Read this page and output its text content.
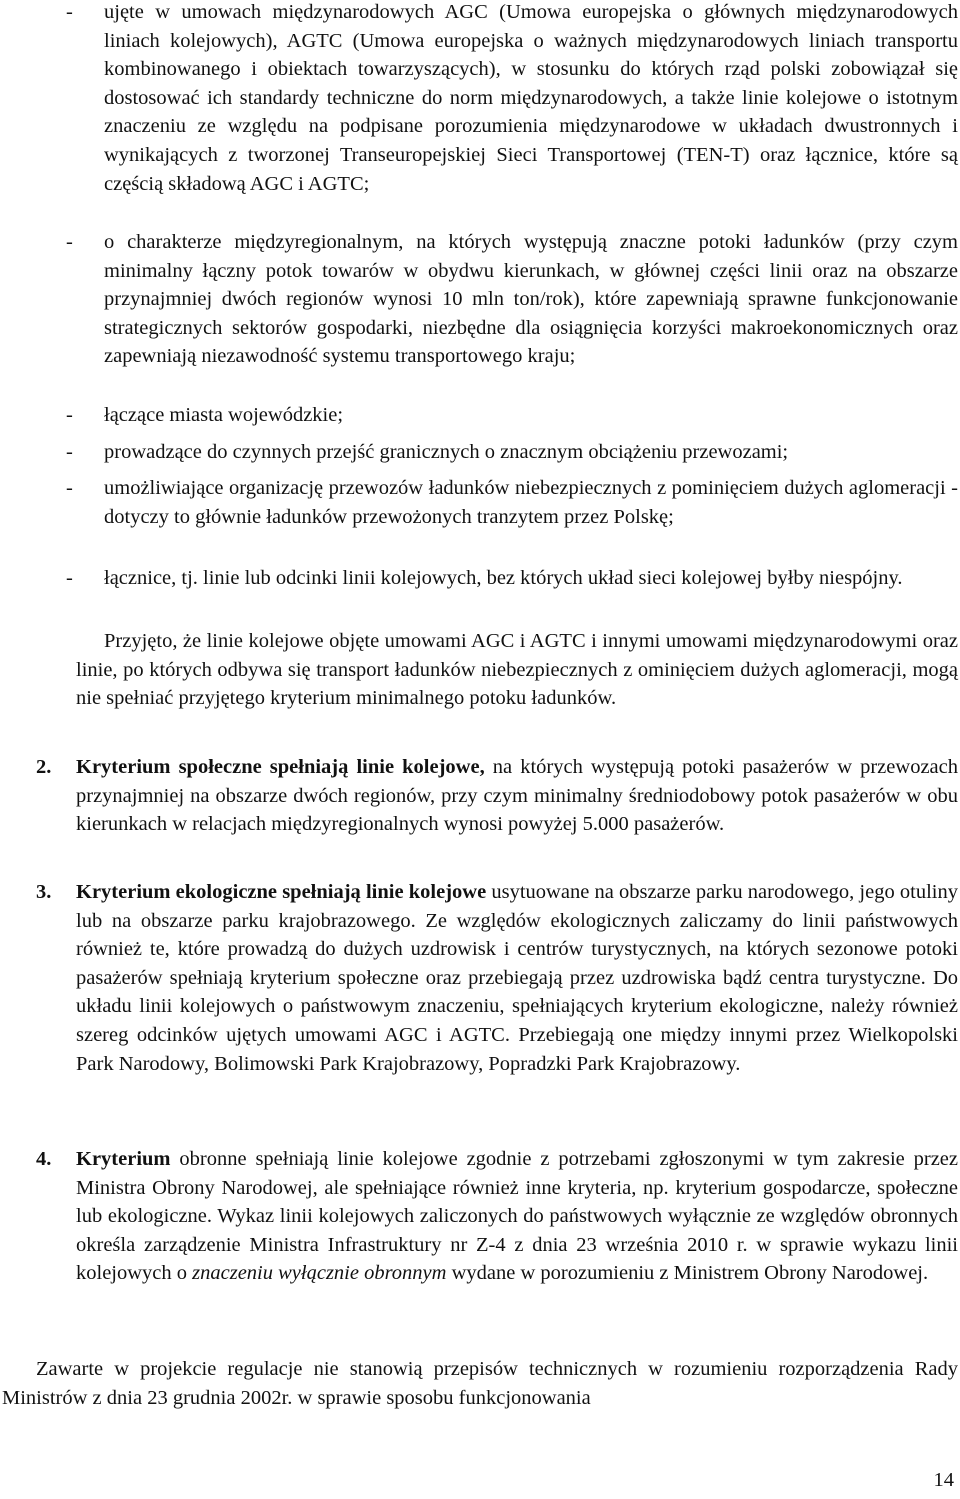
- ujęte w umowach międzynarodowych AGC (Umowa europejska o głównych międzynarodowych liniach kolejowych), AGTC (Umowa europejska o ważnych międzynarodowych liniach transportu kombinowanego i obiektach towarzyszących), w stosunku do których rząd polski zobowiązał się dostosować ich standardy techniczne do norm międzynarodowych, a także linie kolejowe o istotnym znaczeniu ze względu na podpisane porozumienia międzynarodowe w układach dwustronnych i wynikających z tworzonej Transeuropejskiej Sieci Transportowej (TEN-T) oraz łącznice, które są częścią składową AGC i AGTC;
- o charakterze międzyregionalnym, na których występują znaczne potoki ładunków (przy czym minimalny łączny potok towarów w obydwu kierunkach, w głównej części linii oraz na obszarze przynajmniej dwóch regionów wynosi 10 mln ton/rok), które zapewniają sprawne funkcjonowanie strategicznych sektorów gospodarki, niezbędne dla osiągnięcia korzyści makroekonomicznych oraz zapewniają niezawodność systemu transportowego kraju;
- łączące miasta wojewódzkie;
- prowadzące do czynnych przejść granicznych o znacznym obciążeniu przewozami;
- umożliwiające organizację przewozów ładunków niebezpiecznych z pominięciem dużych aglomeracji - dotyczy to głównie ładunków przewożonych tranzytem przez Polskę;
- łącznice, tj. linie lub odcinki linii kolejowych, bez których układ sieci kolejowej byłby niespójny.
Przyjęto, że linie kolejowe objęte umowami AGC i AGTC i innymi umowami międzynarodowymi oraz linie, po których odbywa się transport ładunków niebezpiecznych z ominięciem dużych aglomeracji, mogą nie spełniać przyjętego kryterium minimalnego potoku ładunków.
2. Kryterium społeczne spełniają linie kolejowe, na których występują potoki pasażerów w przewozach przynajmniej na obszarze dwóch regionów, przy czym minimalny średniodobowy potok pasażerów w obu kierunkach w relacjach międzyregionalnych wynosi powyżej 5.000 pasażerów.
3. Kryterium ekologiczne spełniają linie kolejowe usytuowane na obszarze parku narodowego, jego otuliny lub na obszarze parku krajobrazowego. Ze względów ekologicznych zaliczamy do linii państwowych również te, które prowadzą do dużych uzdrowisk i centrów turystycznych, na których sezonowe potoki pasażerów spełniają kryterium społeczne oraz przebiegają przez uzdrowiska bądź centra turystyczne. Do układu linii kolejowych o państwowym znaczeniu, spełniających kryterium ekologiczne, należy również szereg odcinków ujętych umowami AGC i AGTC. Przebiegają one między innymi przez Wielkopolski Park Narodowy, Bolimowski Park Krajobrazowy, Popradzki Park Krajobrazowy.
4. Kryterium obronne spełniają linie kolejowe zgodnie z potrzebami zgłoszonymi w tym zakresie przez Ministra Obrony Narodowej, ale spełniające również inne kryteria, np. kryterium gospodarcze, społeczne lub ekologiczne. Wykaz linii kolejowych zaliczonych do państwowych wyłącznie ze względów obronnych określa zarządzenie Ministra Infrastruktury nr Z-4 z dnia 23 września 2010 r. w sprawie wykazu linii kolejowych o znaczeniu wyłącznie obronnym wydane w porozumieniu z Ministrem Obrony Narodowej.
Zawarte w projekcie regulacje nie stanowią przepisów technicznych w rozumieniu rozporządzenia Rady Ministrów z dnia 23 grudnia 2002r. w sprawie sposobu funkcjonowania
14
